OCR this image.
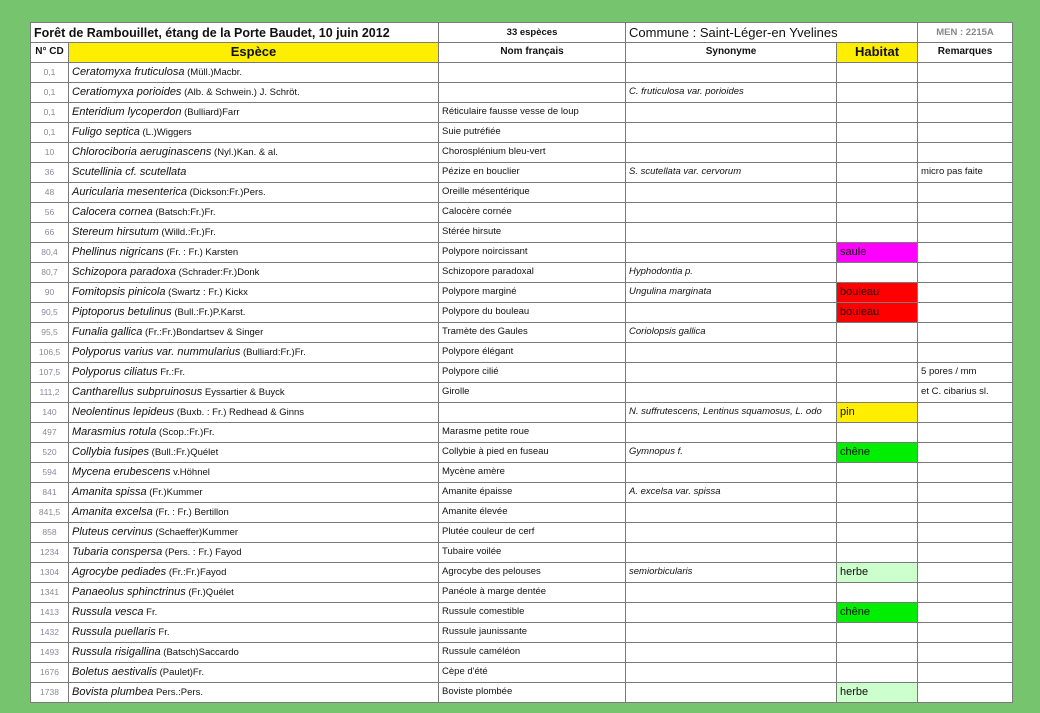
Forêt de Rambouillet, étang de la Porte Baudet, 10 juin 2012		33 espèces	Commune : Saint-Léger-en Yvelines		MEN : 2215A
N° CD	Espèce	Nom français	Synonyme	Habitat	Remarques
0,1	Ceratomyxa fruticulosa (Müll.)Macbr.				
0,1	Ceratiomyxa porioides (Alb. & Schwein.) J. Schröt.		C. fruticulosa var. porioides		
0,1	Enteridium lycoperdon (Bulliard)Farr	Réticulaire fausse vesse de loup			
0,1	Fuligo septica (L.)Wiggers	Suie putréfiée			
10	Chlorociboria aeruginascens (Nyl.)Kan. & al.	Chorosplénium bleu-vert			
36	Scutellinia cf. scutellata	Pézize en bouclier	S. scutellata var. cervorum		micro pas faite
48	Auricularia mesenterica (Dickson:Fr.)Pers.	Oreille mésentérique			
56	Calocera cornea (Batsch:Fr.)Fr.	Calocère cornée			
66	Stereum hirsutum (Willd.:Fr.)Fr.	Stérée hirsute			
80,4	Phellinus nigricans (Fr. : Fr.) Karsten	Polypore noircissant		saule	
80,7	Schizopora paradoxa (Schrader:Fr.)Donk	Schizopore paradoxal	Hyphodontia p.		
90	Fomitopsis pinicola (Swartz : Fr.) Kickx	Polypore marginé	Ungulina marginata	bouleau	
90,5	Piptoporus betulinus (Bull.:Fr.)P.Karst.	Polypore du bouleau		bouleau	
95,5	Funalia gallica (Fr.:Fr.)Bondartsev & Singer	Tramète des Gaules	Coriolopsis gallica		
106,5	Polyporus varius var. nummularius (Bulliard:Fr.)Fr.	Polypore élégant			
107,5	Polyporus ciliatus Fr.:Fr.	Polypore cilié			5 pores / mm
111,2	Cantharellus subpruinosus Eyssartier & Buyck	Girolle			et C. cibarius sl.
140	Neolentinus lepideus (Buxb. : Fr.) Redhead & Ginns		N. suffrutescens, Lentinus squamosus, L. odo	pin	
497	Marasmius rotula (Scop.:Fr.)Fr.	Marasme petite roue			
520	Collybia fusipes (Bull.:Fr.)Quélet	Collybie à pied en fuseau	Gymnopus f.	chêne	
594	Mycena erubescens v.Höhnel	Mycène amère			
841	Amanita spissa (Fr.)Kummer	Amanite épaisse	A. excelsa var. spissa		
841,5	Amanita excelsa (Fr. : Fr.) Bertillon	Amanite élevée			
858	Pluteus cervinus (Schaeffer)Kummer	Plutée couleur de cerf			
1234	Tubaria conspersa (Pers. : Fr.) Fayod	Tubaire voilée			
1304	Agrocybe pediades (Fr.:Fr.)Fayod	Agrocybe des pelouses	semiorbicularis	herbe	
1341	Panaeolus sphinctrinus (Fr.)Quélet	Panéole à marge dentée			
1413	Russula vesca Fr.	Russule comestible		chêne	
1432	Russula puellaris Fr.	Russule jaunissante			
1493	Russula risigallina (Batsch)Saccardo	Russule caméléon			
1676	Boletus aestivalis (Paulet)Fr.	Cèpe d'été			
1738	Bovista plumbea Pers.:Pers.	Boviste plombée		herbe	
